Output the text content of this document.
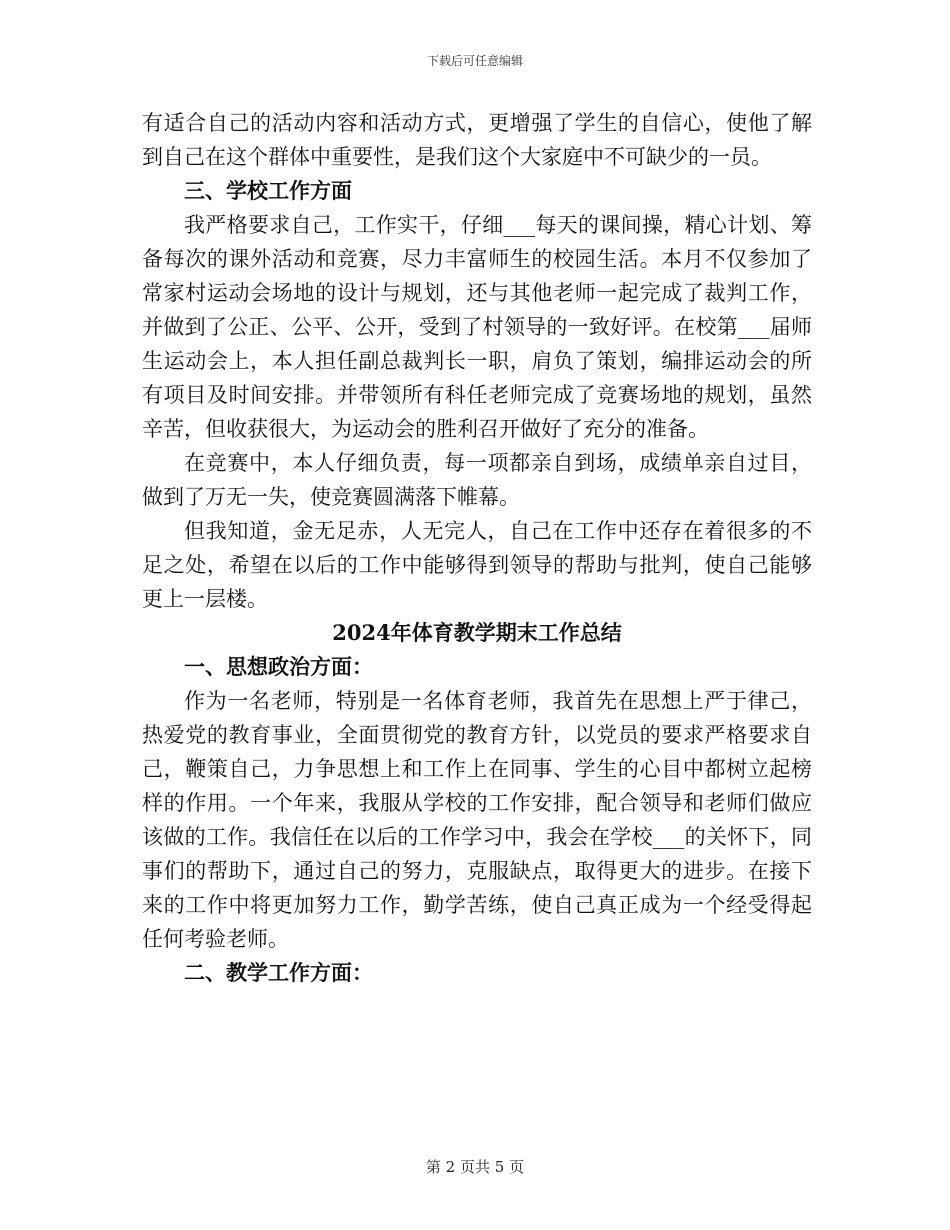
下载后可任意编辑

有适合自己的活动内容和活动方式，更增强了学生的自信心，使他了解到自己在这个群体中重要性，是我们这个大家庭中不可缺少的一员。

三、学校工作方面

我严格要求自己，工作实干，仔细___每天的课间操，精心计划、筹备每次的课外活动和竞赛，尽力丰富师生的校园生活。本月不仅参加了常家村运动会场地的设计与规划，还与其他老师一起完成了裁判工作，并做到了公正、公平、公开，受到了村领导的一致好评。在校第___届师生运动会上，本人担任副总裁判长一职，肩负了策划，编排运动会的所有项目及时间安排。并带领所有科任老师完成了竞赛场地的规划，虽然辛苦，但收获很大，为运动会的胜利召开做好了充分的准备。

在竞赛中，本人仔细负责，每一项都亲自到场，成绩单亲自过目，做到了万无一失，使竞赛圆满落下帷幕。

但我知道，金无足赤，人无完人，自己在工作中还存在着很多的不足之处，希望在以后的工作中能够得到领导的帮助与批判，使自己能够更上一层楼。

2024年体育教学期末工作总结

一、思想政治方面：

作为一名老师，特别是一名体育老师，我首先在思想上严于律己，热爱党的教育事业，全面贯彻党的教育方针，以党员的要求严格要求自己，鞭策自己，力争思想上和工作上在同事、学生的心目中都树立起榜样的作用。一个年来，我服从学校的工作安排，配合领导和老师们做应该做的工作。我信任在以后的工作学习中，我会在学校___的关怀下，同事们的帮助下，通过自己的努力，克服缺点，取得更大的进步。在接下来的工作中将更加努力工作，勤学苦练，使自己真正成为一个经受得起任何考验老师。

二、教学工作方面：

第 2 页共 5 页
